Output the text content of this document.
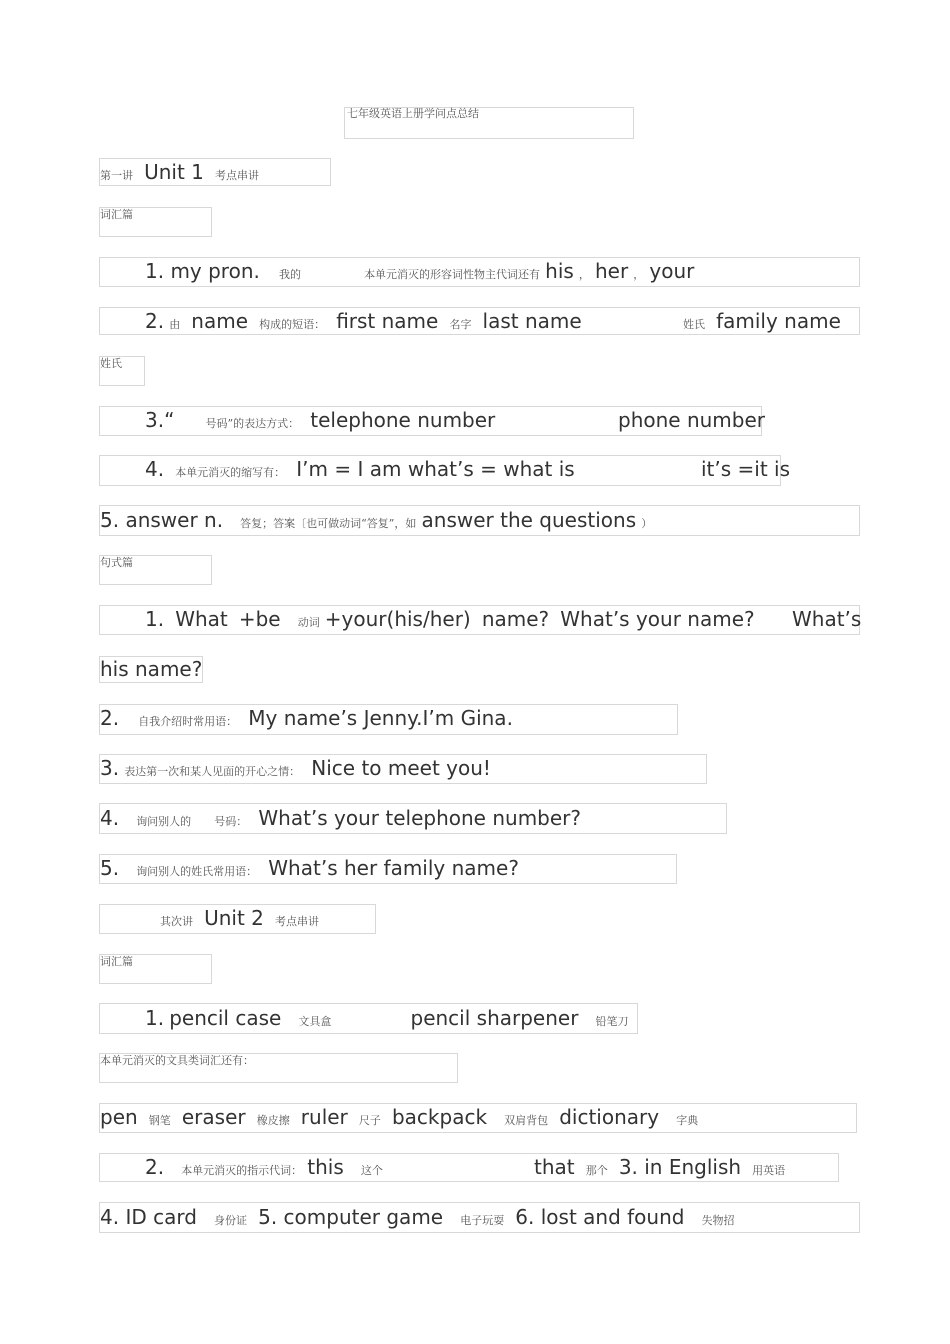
七年级英语上册学问点总结
第一讲 Unit 1 考点串讲
词汇篇
1. my pron. 我的	本单元消灭的形容词性物主代词还有 his ， her ， your
2. 由 name 构成的短语： first name 名字 last name	姓氏 family name
姓氏
3.“	号码”的表达方式： telephone number	phone number
4. 本单元消灭的缩写有： I’m = I am what’s = what is	it’s =it is
5. answer n. 答复；答案〔也可做动词“答复”，如 answer the questions ）
句式篇
1. What +be 动词 +your(his/her) name? What’s your name? What’s
his name?
2. 自我介绍时常用语： My name’s Jenny.I’m Gina.
3. 表达第一次和某人见面的开心之情： Nice to meet you!
4. 询问别人的 号码： What’s your telephone number?
5. 询问别人的姓氏常用语： What’s her family name?
其次讲 Unit 2 考点串讲
词汇篇
1. pencil case 文具盒	pencil sharpener 铅笔刀
本单元消灭的文具类词汇还有：
pen 钢笔 eraser 橡皮擦 ruler 尺子 backpack 双肩背包 dictionary 字典
2. 本单元消灭的指示代词： this 这个	that 那个 3. in English 用英语
4. ID card 身份证 5. computer game 电子玩耍 6. lost and found 失物招
